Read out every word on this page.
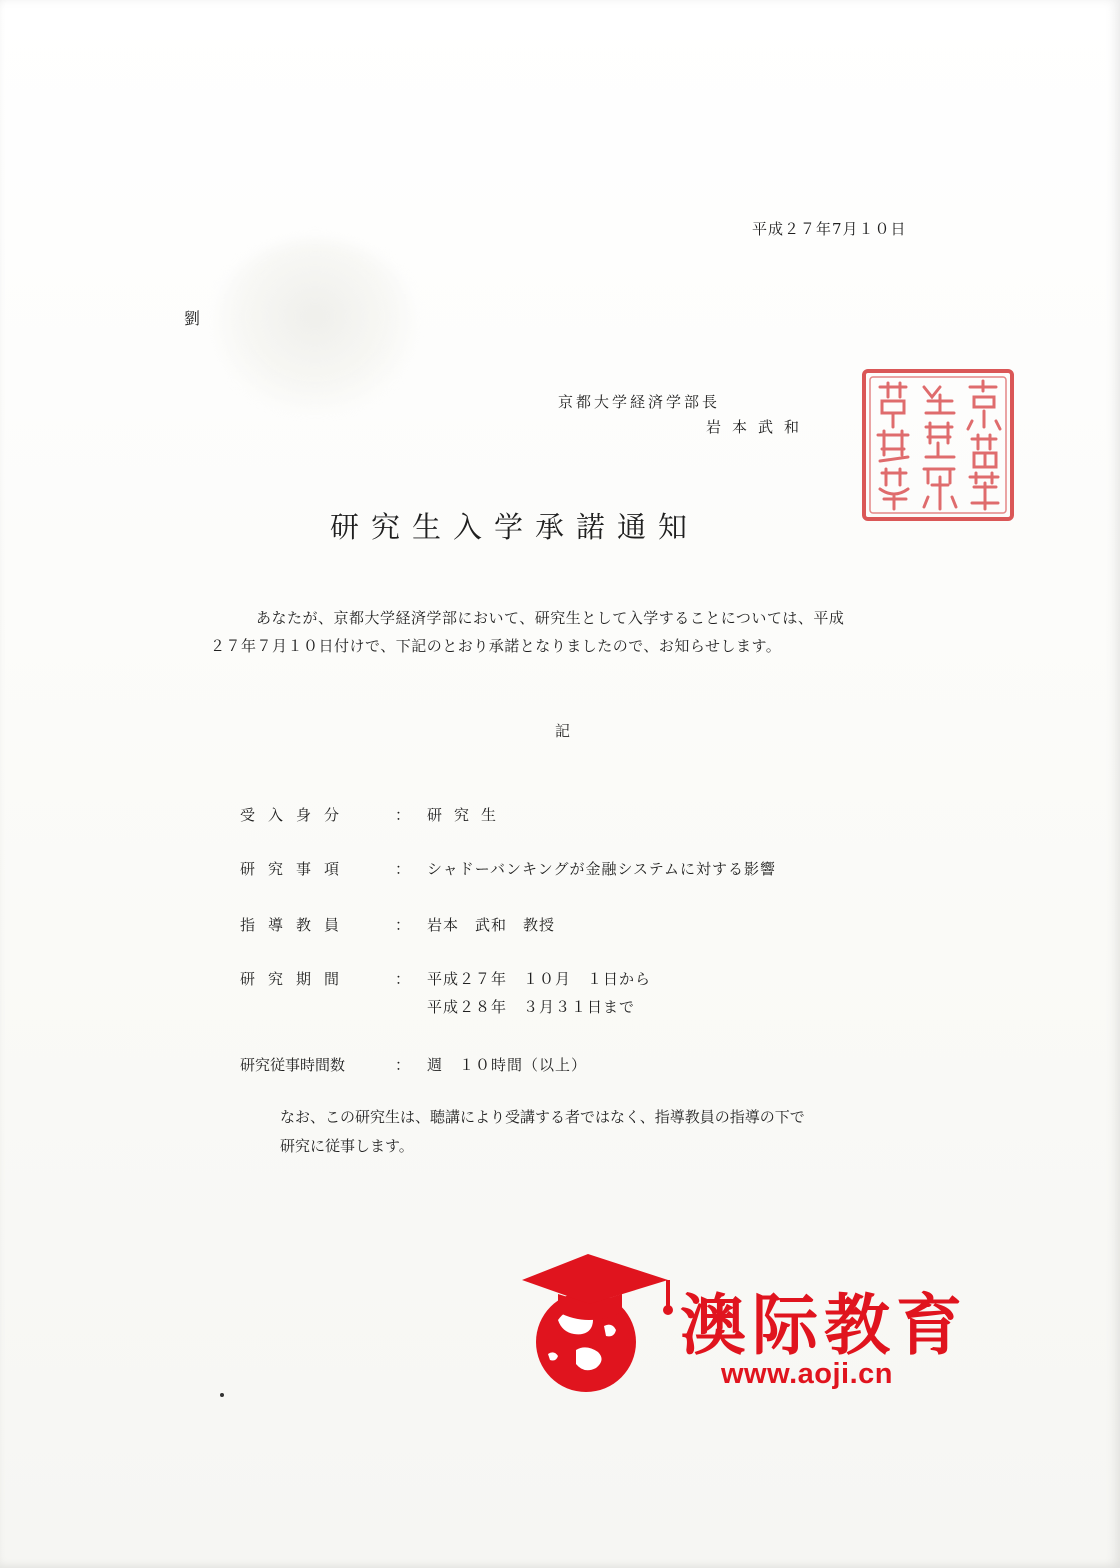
平成２７年7月１０日
劉
京都大学経済学部長
岩本武和
研究生入学承諾通知
あなたが、京都大学経済学部において、研究生として入学することについては、平成
２７年７月１０日付けで、下記のとおり承諾となりましたので、お知らせします。
記
受入身分	： 研究生
研究事項	： シャドーバンキングが金融システムに対する影響
指導教員	： 岩本　武和　教授
研究期間	： 平成２７年　１０月　１日から
平成２８年　３月３１日まで
研究従事時間数	： 週　１０時間（以上）
なお、この研究生は、聴講により受講する者ではなく、指導教員の指導の下で
研究に従事します。
澳际教育
www.aoji.cn
